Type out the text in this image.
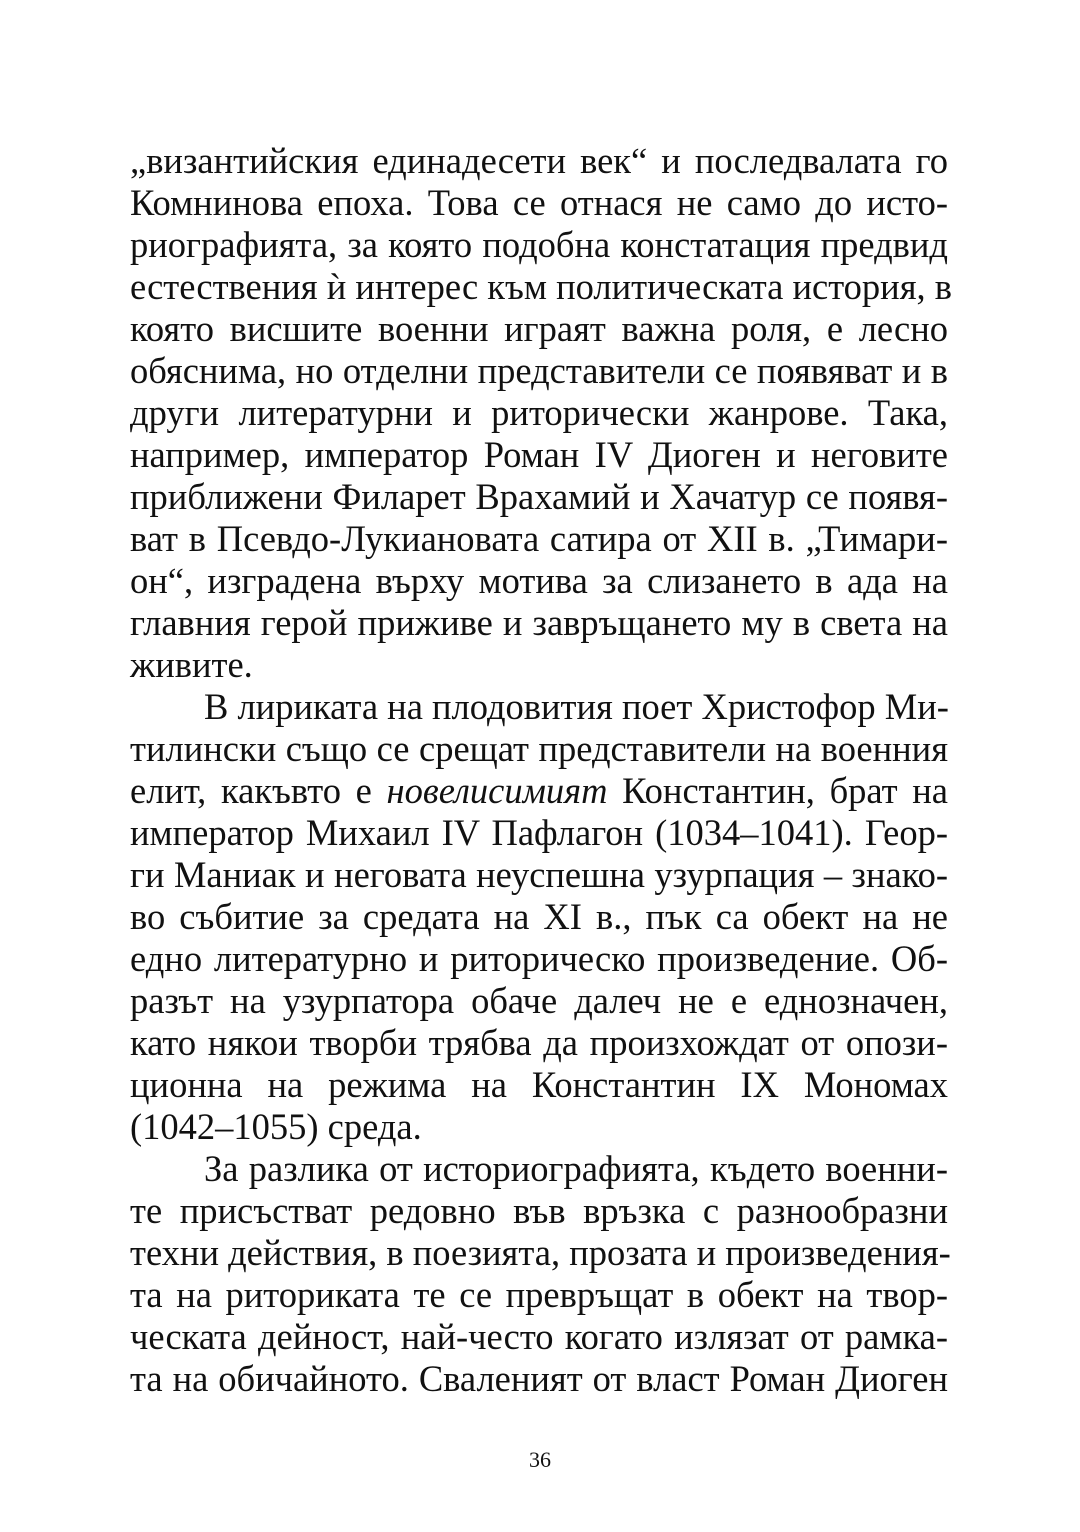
„византийския единадесети век“ и последвалата го
Комнинова епоха. Това се отнася не само до исто-
риографията, за която подобна констатация предвид
естествения ѝ интерес към политическата история, в
която висшите военни играят важна роля, е лесно
обяснима, но отделни представители се появяват и в
други литературни и риторически жанрове. Така,
например, император Роман IV Диоген и неговите
приближени Филарет Врахамий и Хачатур се появя-
ват в Псевдо-Лукиановата сатира от XII в. „Тимари-
он“, изградена върху мотива за слизането в ада на
главния герой приживе и завръщането му в света на
живите.
В лириката на плодовития поет Христофор Ми-
тилински също се срещат представители на военния
елит, какъвто е новелисимият Константин, брат на
император Михаил IV Пафлагон (1034–1041). Геор-
ги Маниак и неговата неуспешна узурпация – знако-
во събитие за средата на XI в., пък са обект на не
едно литературно и риторическо произведение. Об-
разът на узурпатора обаче далеч не е еднозначен,
като някои творби трябва да произхождат от опози-
ционна на режима на Константин IX Мономах
(1042–1055) среда.
За разлика от историографията, където военни-
те присъстват редовно във връзка с разнообразни
техни действия, в поезията, прозата и произведения-
та на риториката те се превръщат в обект на твор-
ческата дейност, най-често когато излязат от рамка-
та на обичайното. Сваленият от власт Роман Диоген
36
